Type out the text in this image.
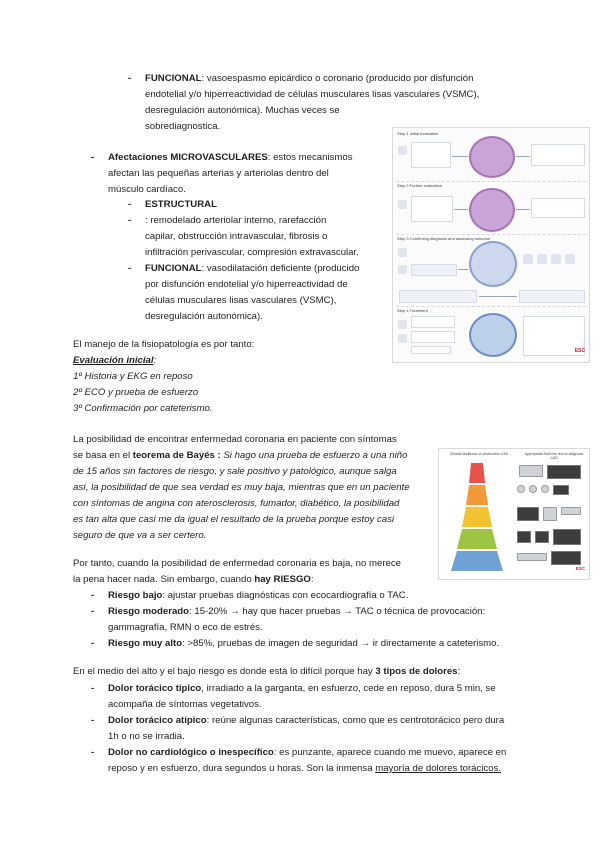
- FUNCIONAL: vasoespasmo epicárdico o coronario (producido por disfunción
endotelial y/o hiperreactividad de células musculares lisas vasculares (VSMC),
desregulación autonómica). Muchas veces se
sobrediagnostica.
- Afectaciones MICROVASCULARES: estos mecanismos
afectan las pequeñas arterias y arteriolas dentro del
músculo cardíaco.
- ESTRUCTURAL
- : remodelado arteriolar interno, rarefacción
capilar, obstrucción intravascular, fibrosis o
infiltración perivascular, compresión extravascular.
- FUNCIONAL: vasodilatación deficiente (producido
por disfunción endotelial y/o hiperreactividad de
células musculares lisas vasculares (VSMC),
desregulación autonómica).
El manejo de la fisiopatología es por tanto:
Evaluación inicial:
1º Historia y EKG en reposo
2º ECO y prueba de esfuerzo
3º Confirmación por cateterismo.
La posibilidad de encontrar enfermedad coronaria en paciente con síntomas
se basa en el teorema de Bayés : Si hago una prueba de esfuerzo a una niño
de 15 años sin factores de riesgo, y sale positivo y patológico, aunque salga
así, la posibilidad de que sea verdad es muy baja, mientras que en un paciente
con síntomas de angina con aterosclerosis, fumador, diabético, la posibilidad
es tan alta que casi me da igual el resultado de la prueba porque estoy casi
seguro de que va a ser certero.
Por tanto, cuando la posibilidad de enfermedad coronaria es baja, no merece
la pena hacer nada. Sin embargo, cuando hay RIESGO:
- Riesgo bajo: ajustar pruebas diagnósticas con ecocardiografía o TAC.
- Riesgo moderado: 15-20% → hay que hacer pruebas → TAC o técnica de provocación:
gammagrafía, RMN o eco de estrés.
- Riesgo muy alto: >85%, pruebas de imagen de seguridad → ir directamente a cateterismo.
En el medio del alto y el bajo riesgo es donde está lo difícil porque hay 3 tipos de dolores:
- Dolor torácico típico, irradiado a la garganta, en esfuerzo, cede en reposo, dura 5 min, se
acompaña de síntomas vegetativos.
- Dolor torácico atípico: reúne algunas características, como que es centrotorácico pero dura
1h o no se irradia.
- Dolor no cardiológico o inespecífico: es punzante, aparece cuando me muevo, aparece en
reposo y en esfuerzo, dura segundos u horas. Son la inmensa mayoría de dolores torácicos.
Step 1 Initial evaluation
Step 2 Further evaluation
Step 3 Confirming diagnosis and assessing outcome
Step 4 Treatment
ESC
Clinical likelihood of obstructive CAD	Appropriate first-line test to diagnose CAD
ESC
